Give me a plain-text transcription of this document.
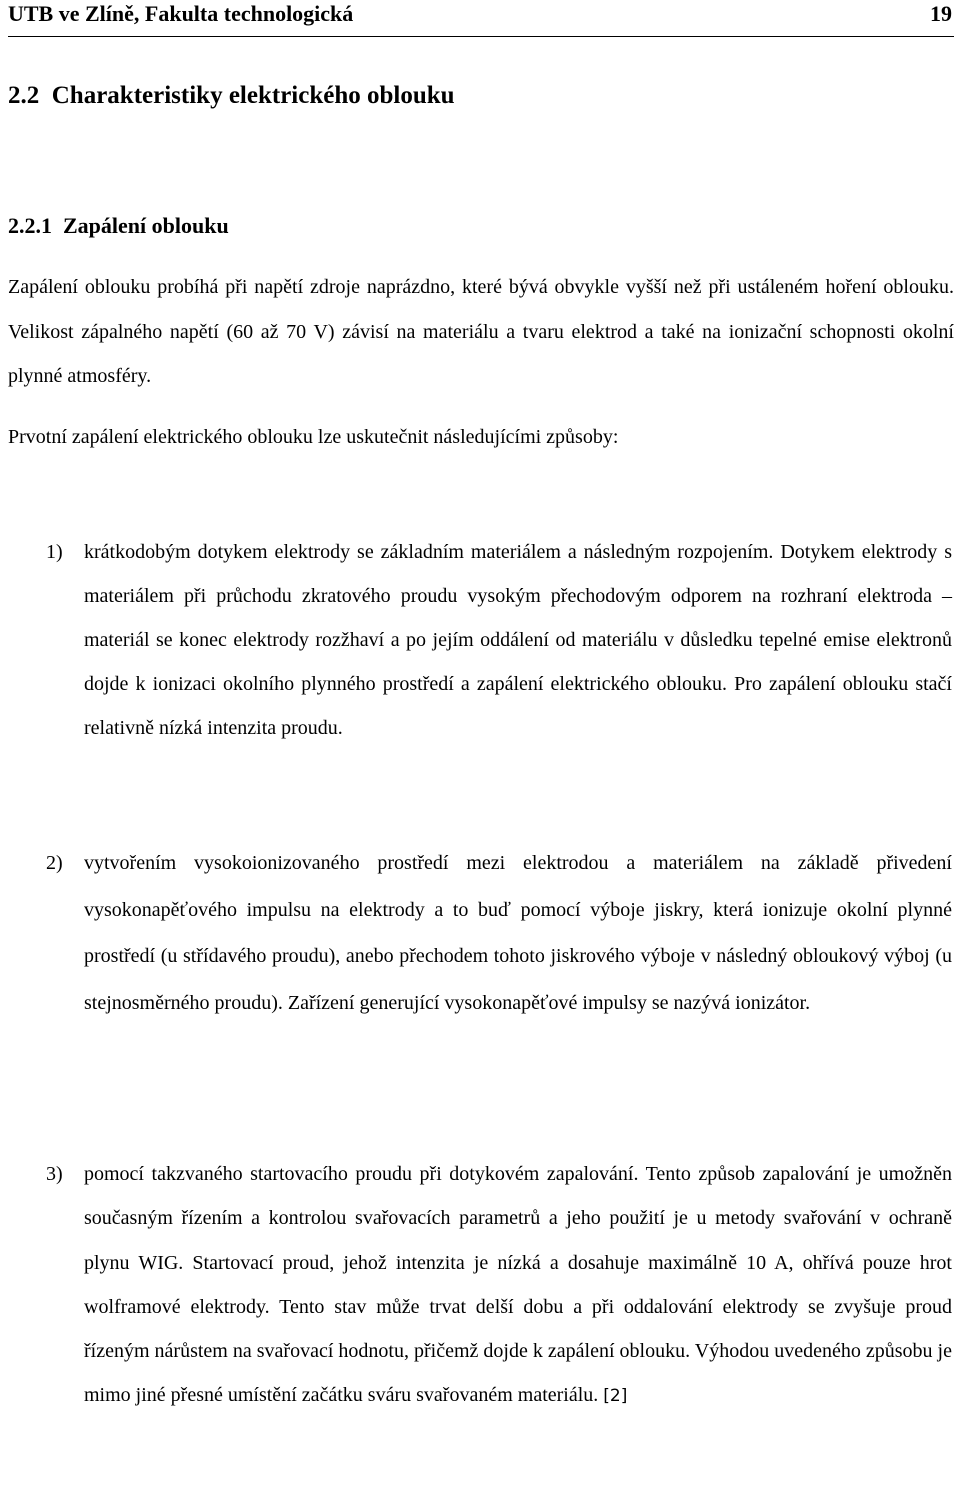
UTB ve Zlíně, Fakulta technologická	19
2.2  Charakteristiky elektrického oblouku
2.2.1  Zapálení oblouku
Zapálení oblouku probíhá při napětí zdroje naprázdno, které bývá obvykle vyšší než při ustáleném hoření oblouku. Velikost zápalného napětí (60 až 70 V) závisí na materiálu a tvaru elektrod a také na ionizační schopnosti okolní plynné atmosféry.
Prvotní zapálení elektrického oblouku lze uskutečnit následujícími způsoby:
1) krátkodobým dotykem elektrody se základním materiálem a následným rozpojením. Dotykem elektrody s materiálem při průchodu zkratového proudu vysokým přechodovým odporem na rozhraní elektroda – materiál se konec elektrody rozžhaví a po jejím oddálení od materiálu v důsledku tepelné emise elektronů dojde k ionizaci okolního plynného prostředí a zapálení elektrického oblouku. Pro zapálení oblouku stačí relativně nízká intenzita proudu.
2) vytvořením vysokoionizovaného prostředí mezi elektrodou a materiálem na základě přivedení vysokonapěťového impulsu na elektrody a to buď pomocí výboje jiskry, která ionizuje okolní plynné prostředí (u střídavého proudu), anebo přechodem tohoto jiskrového výboje v následný obloukový výboj (u stejnosměrného proudu). Zařízení generující vysokonapěťové impulsy se nazývá ionizátor.
3) pomocí takzvaného startovacího proudu při dotykovém zapalování. Tento způsob zapalování je umožněn současným řízením a kontrolou svařovacích parametrů a jeho použití je u metody svařování v ochraně plynu WIG. Startovací proud, jehož intenzita je nízká a dosahuje maximálně 10 A, ohřívá pouze hrot wolframové elektrody. Tento stav může trvat delší dobu a při oddalování elektrody se zvyšuje proud řízeným nárůstem na svařovací hodnotu, přičemž dojde k zapálení oblouku. Výhodou uvedeného způsobu je mimo jiné přesné umístění začátku sváru svařovaném materiálu. [2]
